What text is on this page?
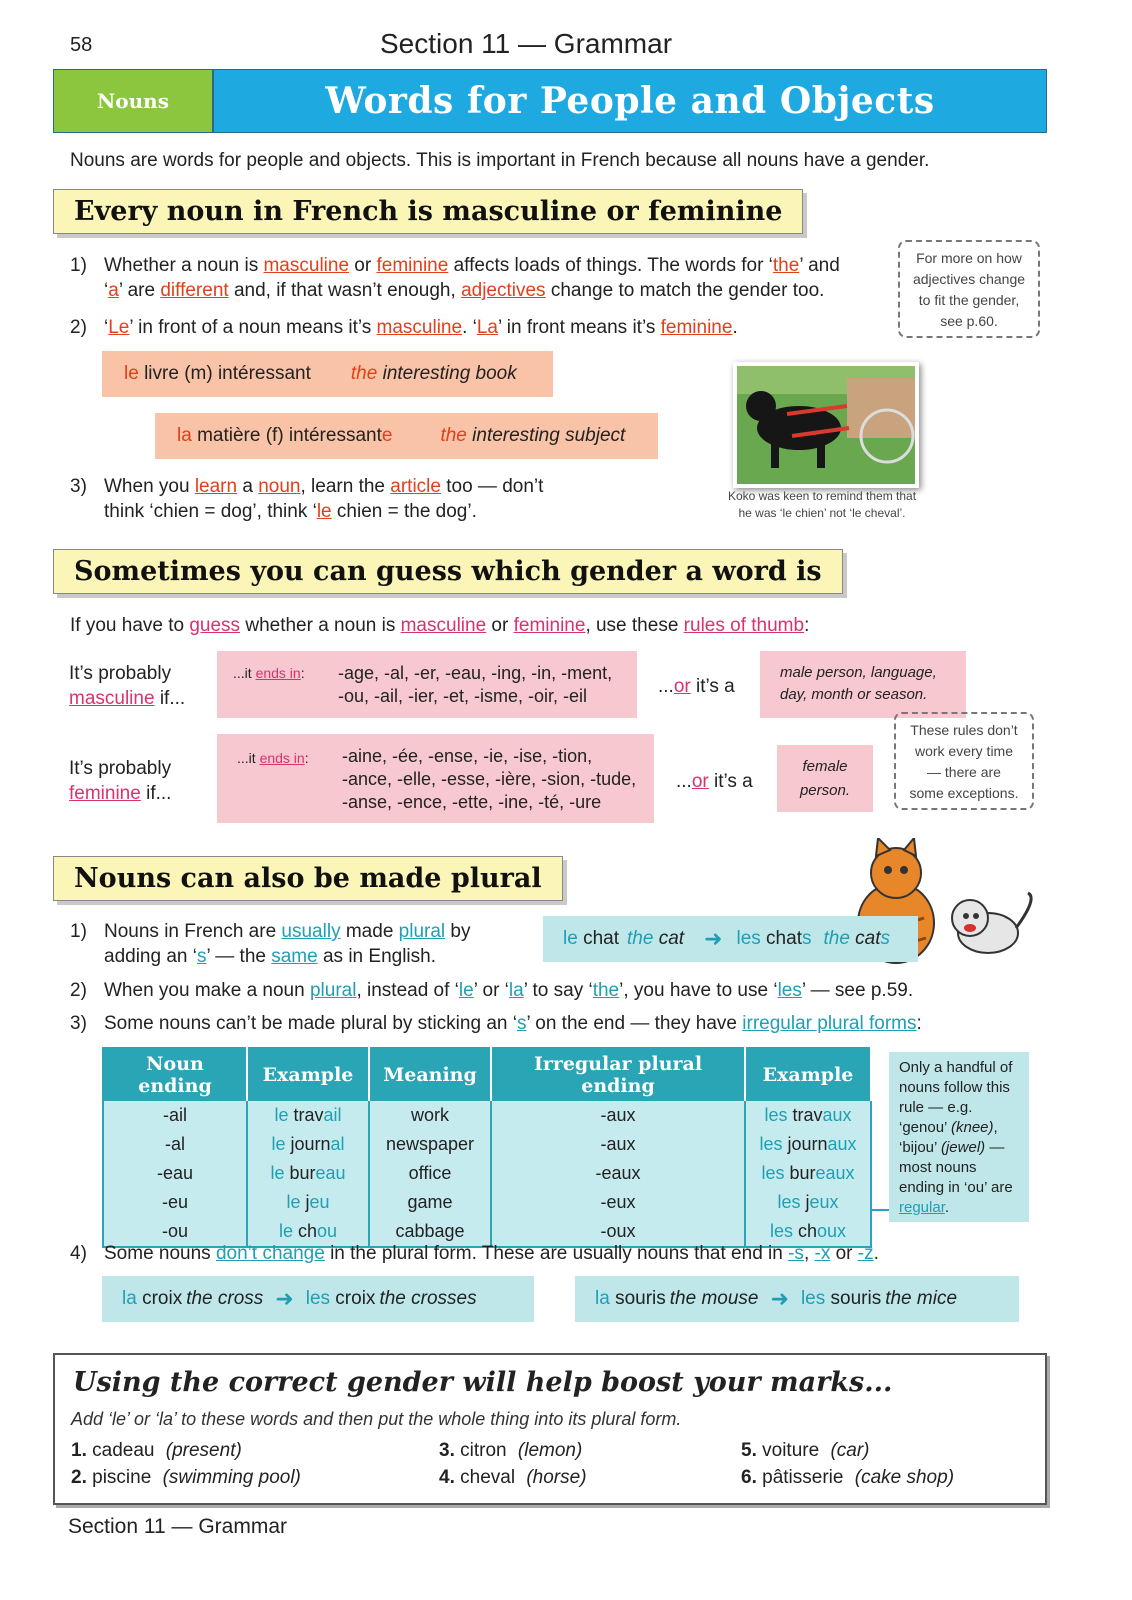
58	Section 11 — Grammar
Nouns	Words for People and Objects
Nouns are words for people and objects. This is important in French because all nouns have a gender.
Every noun in French is masculine or feminine
1) Whether a noun is masculine or feminine affects loads of things. The words for ‘the’ and
‘a’ are different and, if that wasn’t enough, adjectives change to match the gender too.
2) ‘Le’ in front of a noun means it’s masculine. ‘La’ in front means it’s feminine.
For more on how
adjectives change
to fit the gender,
see p.60.
le livre (m) intéressant the interesting book
la matière (f) intéressante	the interesting subject
3) When you learn a noun, learn the article too — don’t
think ‘chien = dog’, think ‘le chien = the dog’.
Koko was keen to remind them that
he was ‘le chien’ not ‘le cheval’.
Sometimes you can guess which gender a word is
If you have to guess whether a noun is masculine or feminine, use these rules of thumb:
It’s probably
masculine if...
...it ends in: -age, -al, -er, -eau, -ing, -in, -ment,
-ou, -ail, -ier, -et, -isme, -oir, -eil	...or it’s a
male person, language,
day, month or season.
It’s probably
feminine if...
...it ends in: -aine, -ée, -ense, -ie, -ise, -tion,
-ance, -elle, -esse, -ière, -sion, -tude,
-anse, -ence, -ette, -ine, -té, -ure
...or it’s a
female
person.
These rules don’t
work every time
— there are
some exceptions.
Nouns can also be made plural
1) Nouns in French are usually made plural by
adding an ‘s’ — the same as in English.
le chat the cat ➜ les chats the cats
2) When you make a noun plural, instead of ‘le’ or ‘la’ to say ‘the’, you have to use ‘les’ — see p.59.
3) Some nouns can’t be made plural by sticking an ‘s’ on the end — they have irregular plural forms:
Noun ending	Example	Meaning	Irregular plural ending	Example
-ail	le travail	work	-aux	les travaux
-al	le journal	newspaper	-aux	les journaux
-eau	le bureau	office	-eaux	les bureaux
-eu	le jeu	game	-eux	les jeux
-ou	le chou	cabbage	-oux	les choux
Only a handful of nouns follow this rule — e.g. ‘genou’ (knee), ‘bijou’ (jewel) — most nouns ending in ‘ou’ are regular.
4) Some nouns don’t change in the plural form. These are usually nouns that end in -s, -x or -z.
la croix the cross ➜ les croix the crosses	la souris the mouse ➜ les souris the mice
Using the correct gender will help boost your marks...
Add ‘le’ or ‘la’ to these words and then put the whole thing into its plural form.
1. cadeau (present)
2. piscine (swimming pool)
3. citron (lemon)
4. cheval (horse)
5. voiture (car)
6. pâtisserie (cake shop)
Section 11 — Grammar
